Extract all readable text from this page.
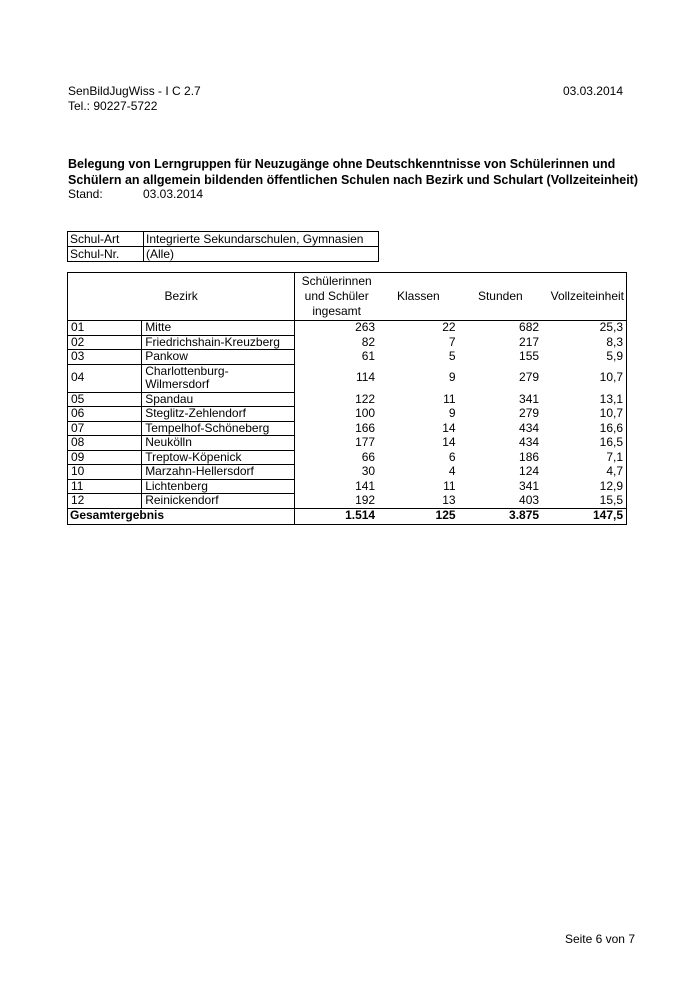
SenBildJugWiss - I C 2.7
Tel.: 90227-5722
03.03.2014
Belegung von Lerngruppen für Neuzugänge ohne Deutschkenntnisse von Schülerinnen und
Schülern an allgemein bildenden öffentlichen Schulen nach Bezirk und Schulart (Vollzeiteinheit)
Stand:	03.03.2014
Schul-Art	Integrierte Sekundarschulen, Gymnasien
Schul-Nr.	(Alle)
Bezirk		Schülerinnen
und Schüler
ingesamt	Klassen	Stunden	Vollzeiteinheit
01	Mitte	263	22	682	25,3
02	Friedrichshain-Kreuzberg	82	7	217	8,3
03	Pankow	61	5	155	5,9
04	Charlottenburg-Wilmersdorf	114	9	279	10,7
05	Spandau	122	11	341	13,1
06	Steglitz-Zehlendorf	100	9	279	10,7
07	Tempelhof-Schöneberg	166	14	434	16,6
08	Neukölln	177	14	434	16,5
09	Treptow-Köpenick	66	6	186	7,1
10	Marzahn-Hellersdorf	30	4	124	4,7
11	Lichtenberg	141	11	341	12,9
12	Reinickendorf	192	13	403	15,5
Gesamtergebnis		1.514	125	3.875	147,5
Seite 6 von 7
